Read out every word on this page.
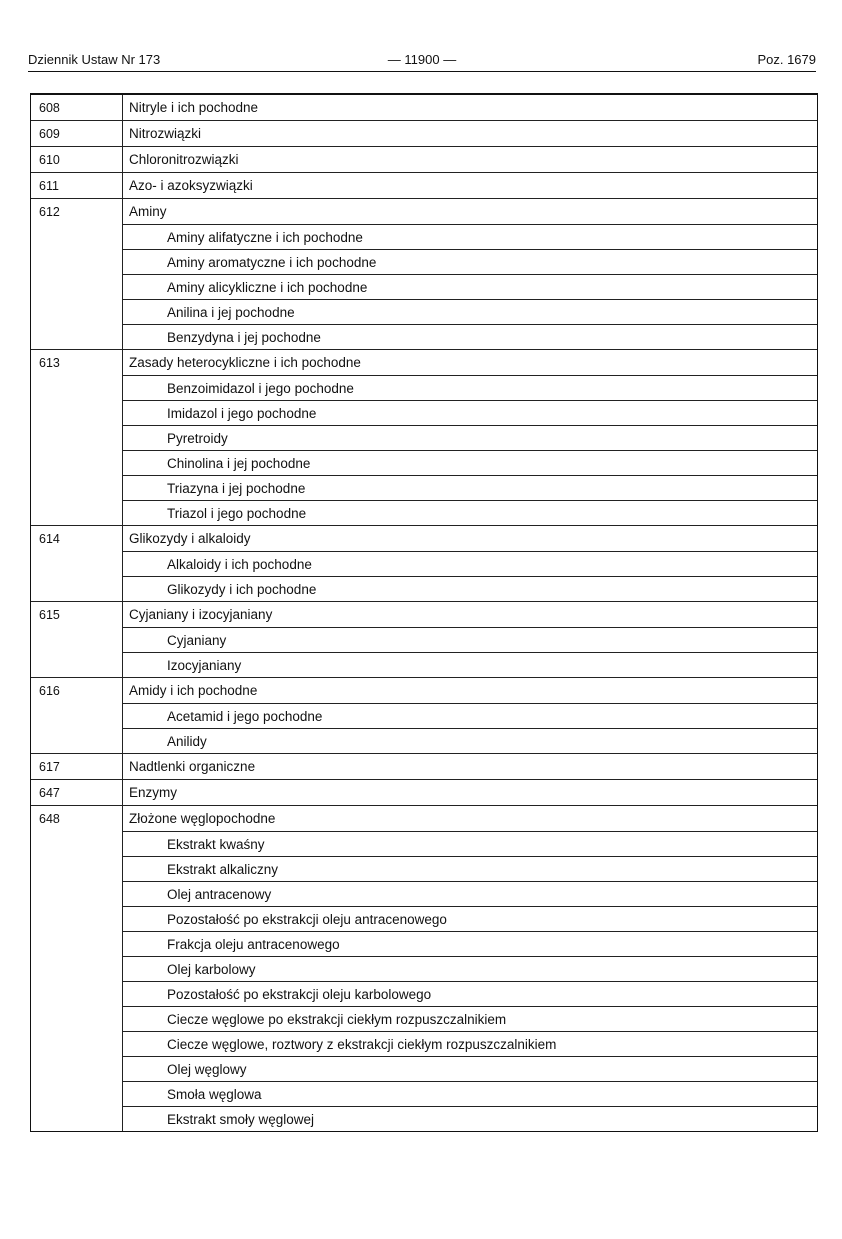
Dziennik Ustaw Nr 173	— 11900 —	Poz. 1679
608	Nitryle i ich pochodne
609	Nitrozwiązki
610	Chloronitrozwiązki
611	Azo- i azoksyzwiązki
612	Aminy
Aminy alifatyczne i ich pochodne
Aminy aromatyczne i ich pochodne
Aminy alicykliczne i ich pochodne
Anilina i jej pochodne
Benzydyna i jej pochodne
613	Zasady heterocykliczne i ich pochodne
Benzoimidazol i jego pochodne
Imidazol i jego pochodne
Pyretroidy
Chinolina i jej pochodne
Triazyna i jej pochodne
Triazol i jego pochodne
614	Glikozydy i alkaloidy
Alkaloidy i ich pochodne
Glikozydy i ich pochodne
615	Cyjaniany i izocyjaniany
Cyjaniany
Izocyjaniany
616	Amidy i ich pochodne
Acetamid i jego pochodne
Anilidy
617	Nadtlenki organiczne
647	Enzymy
648	Złożone węglopochodne
Ekstrakt kwaśny
Ekstrakt alkaliczny
Olej antracenowy
Pozostałość po ekstrakcji oleju antracenowego
Frakcja oleju antracenowego
Olej karbolowy
Pozostałość po ekstrakcji oleju karbolowego
Ciecze węglowe po ekstrakcji ciekłym rozpuszczalnikiem
Ciecze węglowe, roztwory z ekstrakcji ciekłym rozpuszczalnikiem
Olej węglowy
Smoła węglowa
Ekstrakt smoły węglowej
